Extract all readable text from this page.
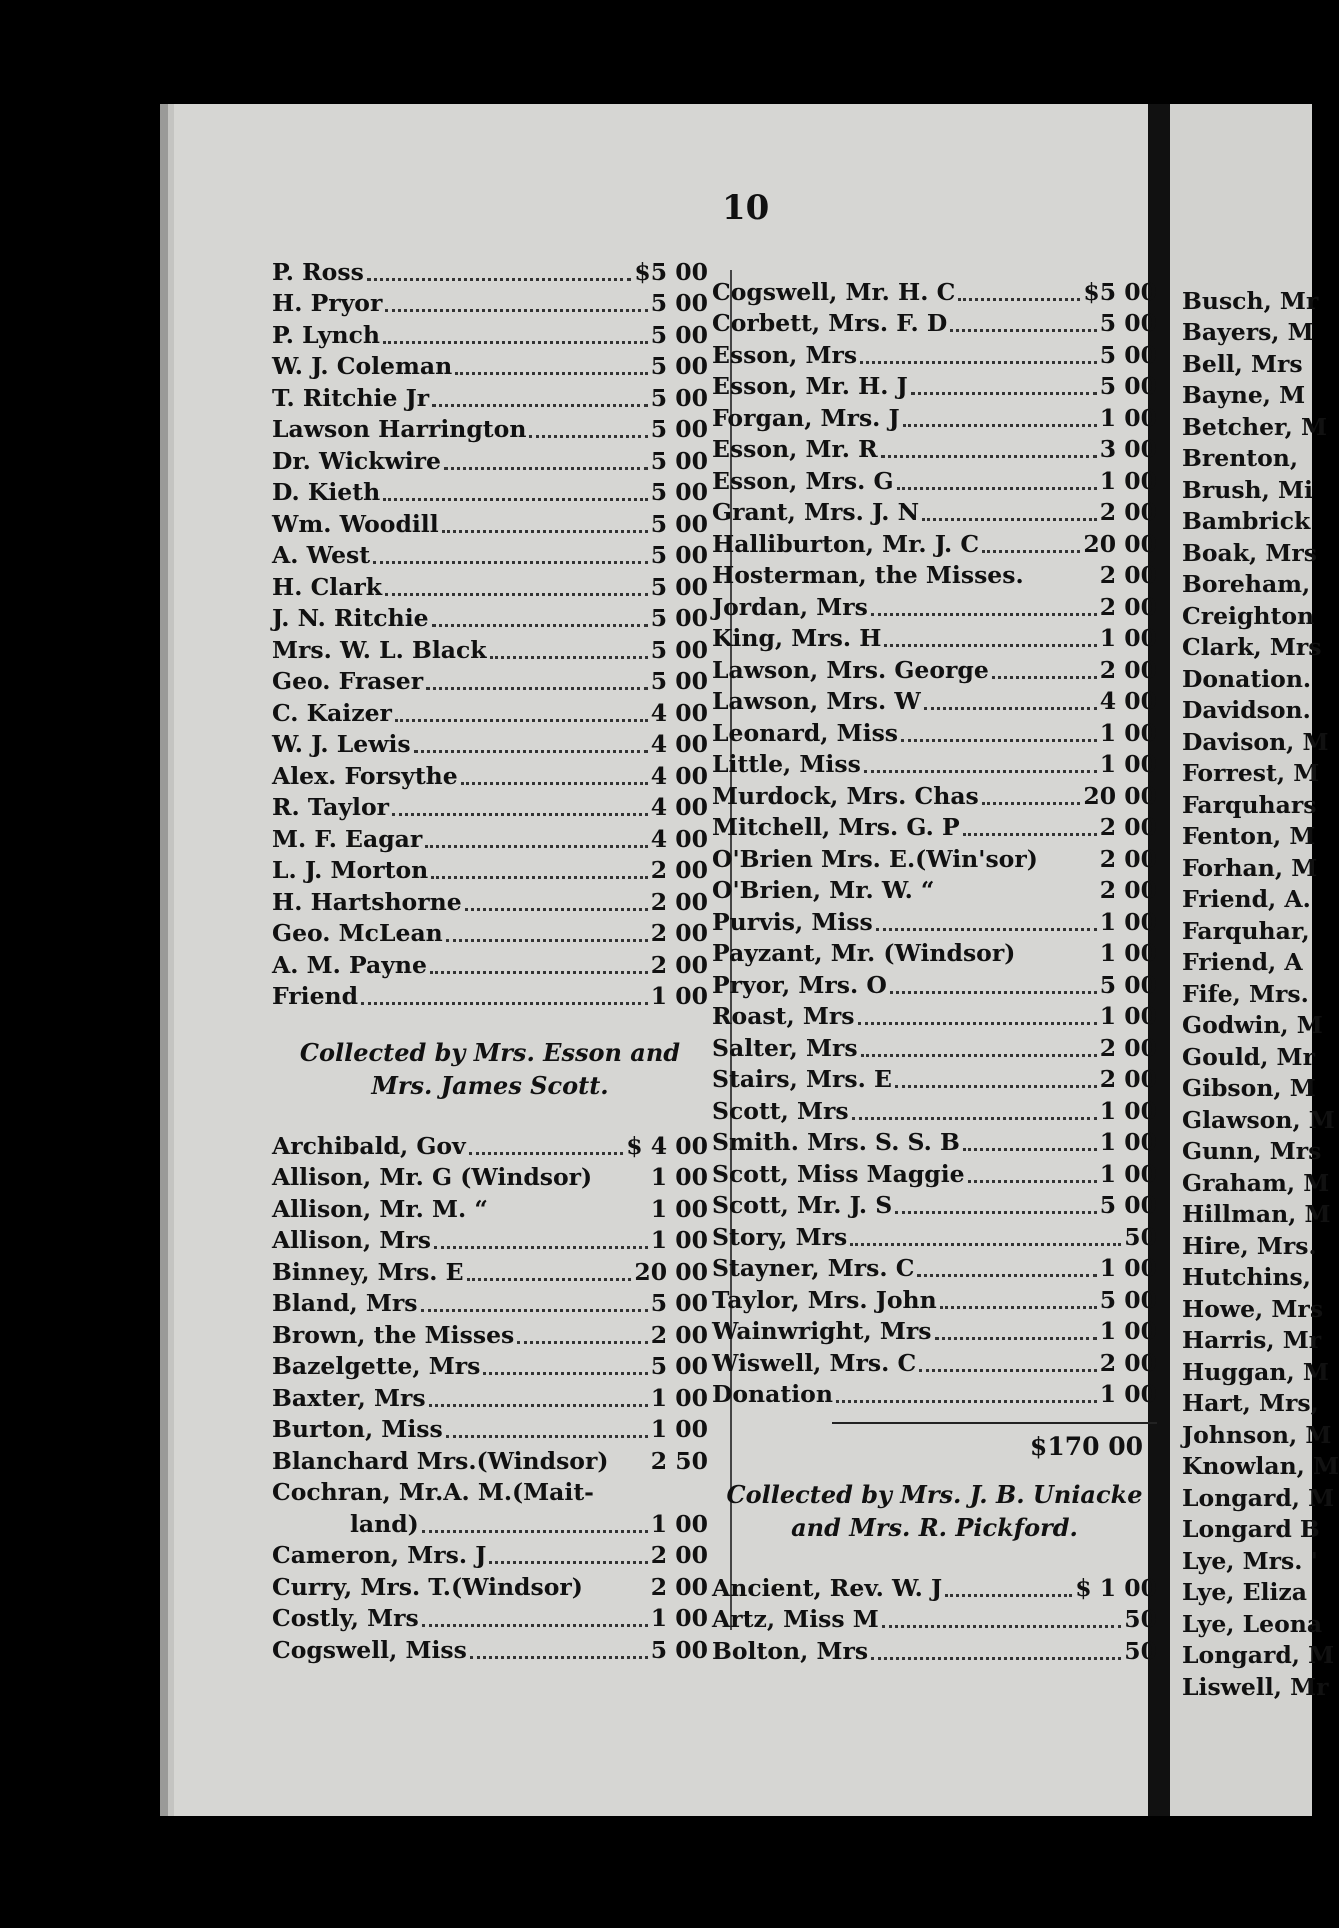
10
P. Ross	$5 00
H. Pryor	5 00
P. Lynch	5 00
W. J. Coleman	5 00
T. Ritchie Jr	5 00
Lawson Harrington	5 00
Dr. Wickwire	5 00
D. Kieth	5 00
Wm. Woodill	5 00
A. West	5 00
H. Clark	5 00
J. N. Ritchie	5 00
Mrs. W. L. Black	5 00
Geo. Fraser	5 00
C. Kaizer	4 00
W. J. Lewis	4 00
Alex. Forsythe	4 00
R. Taylor	4 00
M. F. Eagar	4 00
L. J. Morton	2 00
H. Hartshorne	2 00
Geo. McLean	2 00
A. M. Payne	2 00
Friend	1 00
Collected by Mrs. Esson and
Mrs. James Scott.
Archibald, Gov	$ 4 00
Allison, Mr. G (Windsor) 1 00
Allison, Mr. M. “	1 00
Allison, Mrs	1 00
Binney, Mrs. E	20 00
Bland, Mrs	5 00
Brown, the Misses	2 00
Bazelgette, Mrs	5 00
Baxter, Mrs	1 00
Burton, Miss	1 00
Blanchard Mrs.(Windsor) 2 50
Cochran, Mr.A. M.(Mait-
land)	1 00
Cameron, Mrs. J	2 00
Curry, Mrs. T.(Windsor)	2 00
Costly, Mrs	1 00
Cogswell, Miss	5 00
Cogswell, Mr. H. C	$5 00
Corbett, Mrs. F. D	5 00
Esson, Mrs	5 00
Esson, Mr. H. J	5 00
Forgan, Mrs. J	1 00
Esson, Mr. R	3 00
Esson, Mrs. G	1 00
Grant, Mrs. J. N	2 00
Halliburton, Mr. J. C	20 00
Hosterman, the Misses.	2 00
Jordan, Mrs	2 00
King, Mrs. H	1 00
Lawson, Mrs. George	2 00
Lawson, Mrs. W	4 00
Leonard, Miss	1 00
Little, Miss	1 00
Murdock, Mrs. Chas	20 00
Mitchell, Mrs. G. P	2 00
O'Brien Mrs. E.(Win'sor)	2 00
O'Brien, Mr. W. “	2 00
Purvis, Miss	1 00
Payzant, Mr. (Windsor)	1 00
Pryor, Mrs. O	5 00
Roast, Mrs	1 00
Salter, Mrs	2 00
Stairs, Mrs. E	2 00
Scott, Mrs	1 00
Smith. Mrs. S. S. B	1 00
Scott, Miss Maggie	1 00
Scott, Mr. J. S	5 00
Story, Mrs	50
Stayner, Mrs. C	1 00
Taylor, Mrs. John	5 00
Wainwright, Mrs	1 00
Wiswell, Mrs. C	2 00
Donation	1 00
$170 00
Collected by Mrs. J. B. Uniacke
and Mrs. R. Pickford.
Ancient, Rev. W. J	$ 1 00
Artz, Miss M	50
Bolton, Mrs	50
Busch, Mr
Bayers, M
Bell, Mrs
Bayne, M
Betcher, M
Brenton,
Brush, Mi
Bambrick
Boak, Mrs
Boreham,
Creighton
Clark, Mrs
Donation.
Davidson.
Davison, M
Forrest, M
Farquhars
Fenton, M
Forhan, M
Friend, A.
Farquhar,
Friend, A
Fife, Mrs.
Godwin, M
Gould, Mr
Gibson, M
Glawson, M
Gunn, Mrs
Graham, M
Hillman, M
Hire, Mrs.
Hutchins,
Howe, Mrs
Harris, Mr
Huggan, M
Hart, Mrs,
Johnson, M
Knowlan, M
Longard, M
Longard B
Lye, Mrs. '
Lye, Eliza
Lye, Leona
Longard, M
Liswell, Mr
